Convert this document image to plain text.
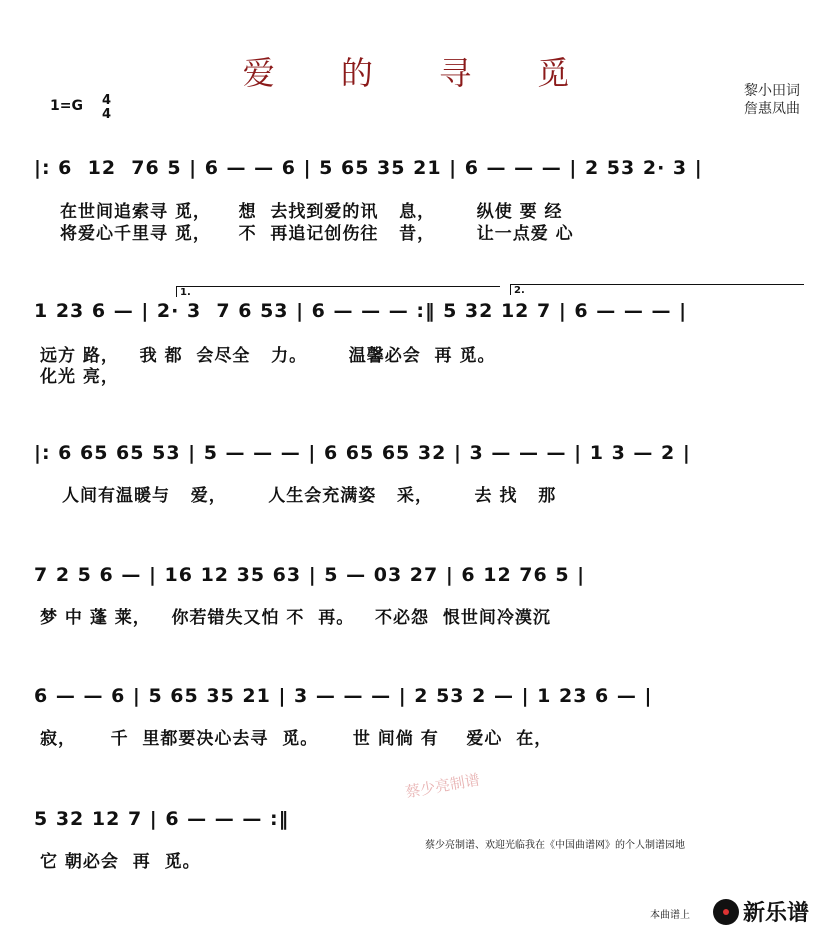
爱 的 寻 觅	黎小田词
詹惠凤曲
1=G 4
4
|: 6  12  76 5 | 6 — — 6 | 5 65 35 21 | 6 — — — | 2 53 2· 3 |
在世间追索寻 觅，    想  去找到爱的讯   息，      纵使 要 经
将爱心千里寻 觅，    不  再追记创伤往   昔，      让一点爱 心
1.	2.
1 23 6 — | 2· 3  7 6 53 | 6 — — — :‖ 5 32 12 7 | 6 — — — |
远方 路，   我 都  会尽全   力。      温馨必会  再 觅。
化光 亮，
|: 6 65 65 53 | 5 — — — | 6 65 65 32 | 3 — — — | 1 3 — 2 |
人间有温暖与   爱，      人生会充满姿   采，      去 找   那
7 2 5 6 — | 16 12 35 63 | 5 — 03 27 | 6 12 76 5 |
梦 中 蓬 莱，   你若错失又怕 不  再。   不必怨  恨世间冷漠沉
6 — — 6 | 5 65 35 21 | 3 — — — | 2 53 2 — | 1 23 6 — |
寂，     千  里都要决心去寻  觅。     世 间倘 有    爱心  在，
5 32 12 7 | 6 — — — :‖
它 朝必会  再  觅。
蔡少亮制谱
蔡少亮制谱、欢迎光临我在《中国曲谱网》的个人制谱园地
本曲谱上 新乐谱
